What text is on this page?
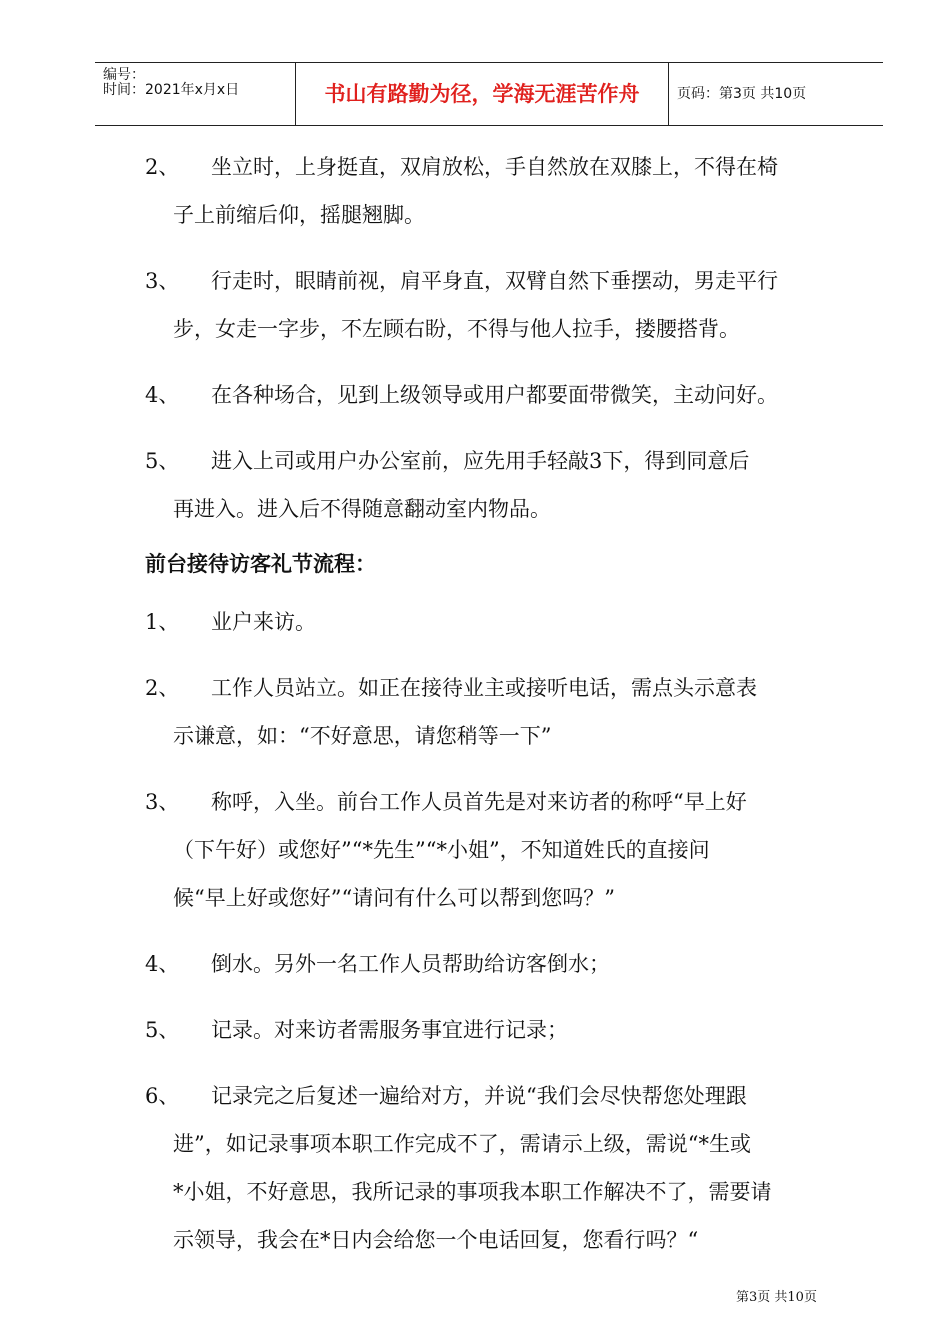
编号：
时间：2021年x月x日	书山有路勤为径，学海无涯苦作舟	页码：第3页 共10页
2、 坐立时，上身挺直，双肩放松，手自然放在双膝上，不得在椅
子上前缩后仰，摇腿翘脚。
3、 行走时，眼睛前视，肩平身直，双臂自然下垂摆动，男走平行
步，女走一字步，不左顾右盼，不得与他人拉手，搂腰搭背。
4、 在各种场合，见到上级领导或用户都要面带微笑，主动问好。
5、 进入上司或用户办公室前，应先用手轻敲3下，得到同意后
再进入。进入后不得随意翻动室内物品。
前台接待访客礼节流程：
1、 业户来访。
2、 工作人员站立。如正在接待业主或接听电话，需点头示意表
示谦意，如：“不好意思，请您稍等一下”
3、 称呼，入坐。前台工作人员首先是对来访者的称呼“早上好
（下午好）或您好”“*先生”“*小姐”，不知道姓氏的直接问
候“早上好或您好”“请问有什么可以帮到您吗？”
4、 倒水。另外一名工作人员帮助给访客倒水；
5、 记录。对来访者需服务事宜进行记录；
6、 记录完之后复述一遍给对方，并说“我们会尽快帮您处理跟
进”，如记录事项本职工作完成不了，需请示上级，需说“*生或
*小姐，不好意思，我所记录的事项我本职工作解决不了，需要请
示领导，我会在*日内会给您一个电话回复，您看行吗？“
第3页 共10页
